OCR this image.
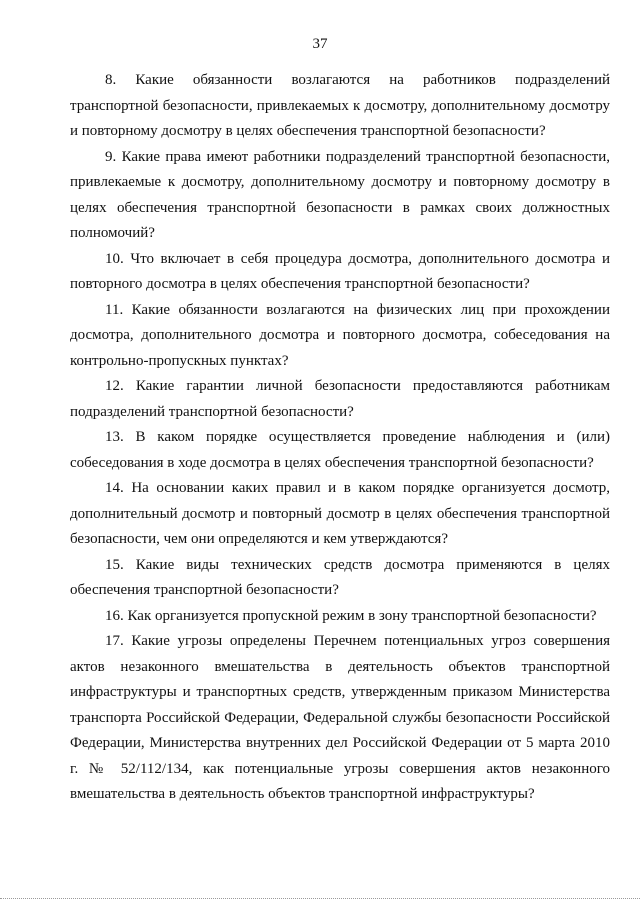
37

8. Какие обязанности возлагаются на работников подразделений транспортной безопасности, привлекаемых к досмотру, дополнительному досмотру и повторному досмотру в целях обеспечения транспортной безопасности?

9. Какие права имеют работники подразделений транспортной безопасности, привлекаемые к досмотру, дополнительному досмотру и повторному досмотру в целях обеспечения транспортной безопасности в рамках своих должностных полномочий?

10. Что включает в себя процедура досмотра, дополнительного досмотра и повторного досмотра в целях обеспечения транспортной безопасности?

11. Какие обязанности возлагаются на физических лиц при прохождении досмотра, дополнительного досмотра и повторного досмотра, собеседования на контрольно-пропускных пунктах?

12. Какие гарантии личной безопасности предоставляются работникам подразделений транспортной безопасности?

13. В каком порядке осуществляется проведение наблюдения и (или) собеседования в ходе досмотра в целях обеспечения транспортной безопасности?

14. На основании каких правил и в каком порядке организуется досмотр, дополнительный досмотр и повторный досмотр в целях обеспечения транспортной безопасности, чем они определяются и кем утверждаются?

15. Какие виды технических средств досмотра применяются в целях обеспечения транспортной безопасности?

16. Как организуется пропускной режим в зону транспортной безопасности?

17. Какие угрозы определены Перечнем потенциальных угроз совершения актов незаконного вмешательства в деятельность объектов транспортной инфраструктуры и транспортных средств, утвержденным приказом Министерства транспорта Российской Федерации, Федеральной службы безопасности Российской Федерации, Министерства внутренних дел Российской Федерации от 5 марта 2010 г. № 52/112/134, как потенциальные угрозы совершения актов незаконного вмешательства в деятельность объектов транспортной инфраструктуры?
